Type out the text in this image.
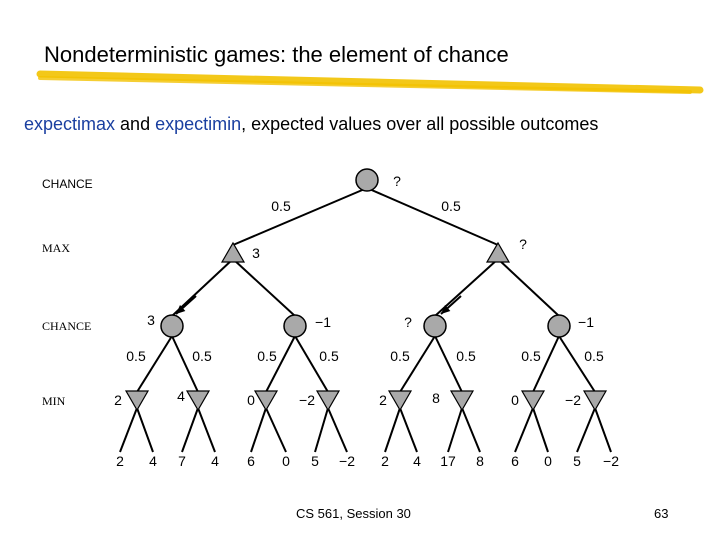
Nondeterministic games: the element of chance
expectimax and expectimin, expected values over all possible outcomes
CHANCE
MAX
CHANCE
MIN
?
0.5	0.5
3
?
3	−1	?	−1
0.5	0.5	0.5	0.5	0.5	0.5	0.5	0.5
2	4	0	−2	2	8	0	−2
2 4 7 4 6 0 5 −2 2 4 17 8 6 0 5 −2
CS 561, Session 30	63
